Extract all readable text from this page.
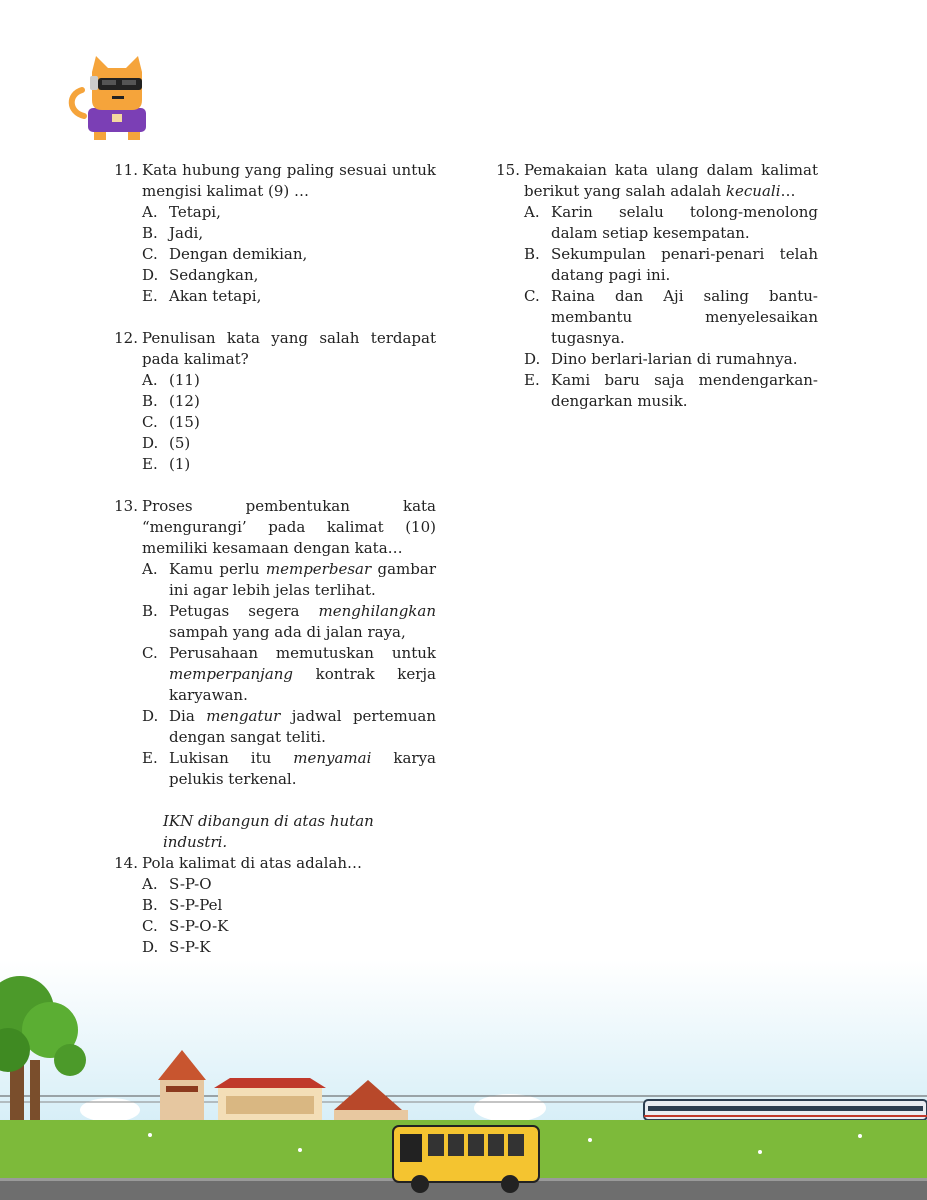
11. Kata hubung yang paling sesuai untuk mengisi kalimat (9) …
A. Tetapi,
B. Jadi,
C. Dengan demikian,
D. Sedangkan,
E. Akan tetapi,
12. Penulisan kata yang salah terdapat pada kalimat?
A. (11)
B. (12)
C. (15)
D. (5)
E. (1)
13. Proses pembentukan kata “mengurangi’ pada kalimat (10) memiliki kesamaan dengan kata…
A. Kamu perlu memperbesar gambar ini agar lebih jelas terlihat.
B. Petugas segera menghilangkan sampah yang ada di jalan raya,
C. Perusahaan memutuskan untuk memperpanjang kontrak kerja karyawan.
D. Dia mengatur jadwal pertemuan dengan sangat teliti.
E. Lukisan itu menyamai karya pelukis terkenal.
IKN dibangun di atas hutan industri.
14. Pola kalimat di atas adalah…
A. S-P-O
B. S-P-Pel
C. S-P-O-K
D. S-P-K
15. Pemakaian kata ulang dalam kalimat berikut yang salah adalah kecuali…
A. Karin selalu tolong-menolong dalam setiap kesempatan.
B. Sekumpulan penari-penari telah datang pagi ini.
C. Raina dan Aji saling bantu-membantu menyelesaikan tugasnya.
D. Dino berlari-larian di rumahnya.
E. Kami baru saja mendengarkan-dengarkan musik.
